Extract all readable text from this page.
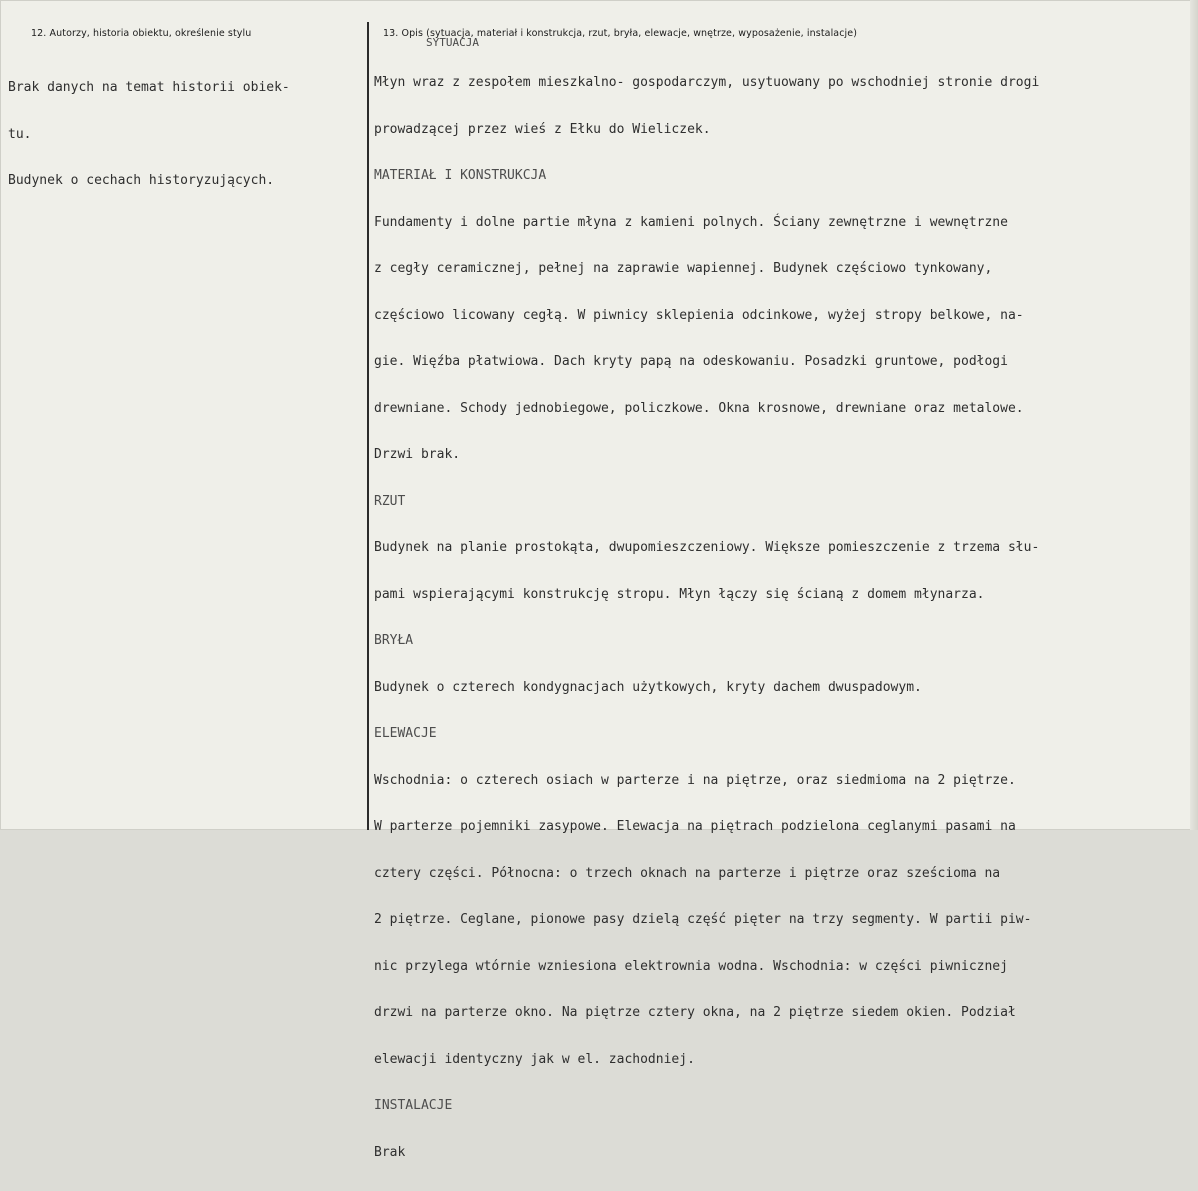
12. Autorzy, historia obiektu, określenie stylu	13. Opis (sytuacja, materiał i konstrukcja, rzut, bryła, elewacje, wnętrze, wyposażenie, instalacje)
SYTUACJA

Brak danych na temat historii obiek-

tu.

Budynek o cechach historyzujących.

Młyn wraz z zespołem mieszkalno- gospodarczym, usytuowany po wschodniej stronie drogi

prowadzącej przez wieś z Ełku do Wieliczek.

MATERIAŁ I KONSTRUKCJA

Fundamenty i dolne partie młyna z kamieni polnych. Ściany zewnętrzne i wewnętrzne

z cegły ceramicznej, pełnej na zaprawie wapiennej. Budynek częściowo tynkowany,

częściowo licowany cegłą. W piwnicy sklepienia odcinkowe, wyżej stropy belkowe, na-

gie. Więźba płatwiowa. Dach kryty papą na odeskowaniu. Posadzki gruntowe, podłogi

drewniane. Schody jednobiegowe, policzkowe. Okna krosnowe, drewniane oraz metalowe.

Drzwi brak.

RZUT

Budynek na planie prostokąta, dwupomieszczeniowy. Większe pomieszczenie z trzema słu-

pami wspierającymi konstrukcję stropu. Młyn łączy się ścianą z domem młynarza.

BRYŁA

Budynek o czterech kondygnacjach użytkowych, kryty dachem dwuspadowym.

ELEWACJE

Wschodnia: o czterech osiach w parterze i na piętrze, oraz siedmioma na 2 piętrze.

W parterze pojemniki zasypowe. Elewacja na piętrach podzielona ceglanymi pasami na

cztery części. Północna: o trzech oknach na parterze i piętrze oraz sześcioma na

2 piętrze. Ceglane, pionowe pasy dzielą część pięter na trzy segmenty. W partii piw-

nic przylega wtórnie wzniesiona elektrownia wodna. Wschodnia: w części piwnicznej

drzwi na parterze okno. Na piętrze cztery okna, na 2 piętrze siedem okien. Podział

elewacji identyczny jak w el. zachodniej.

INSTALACJE

Brak
